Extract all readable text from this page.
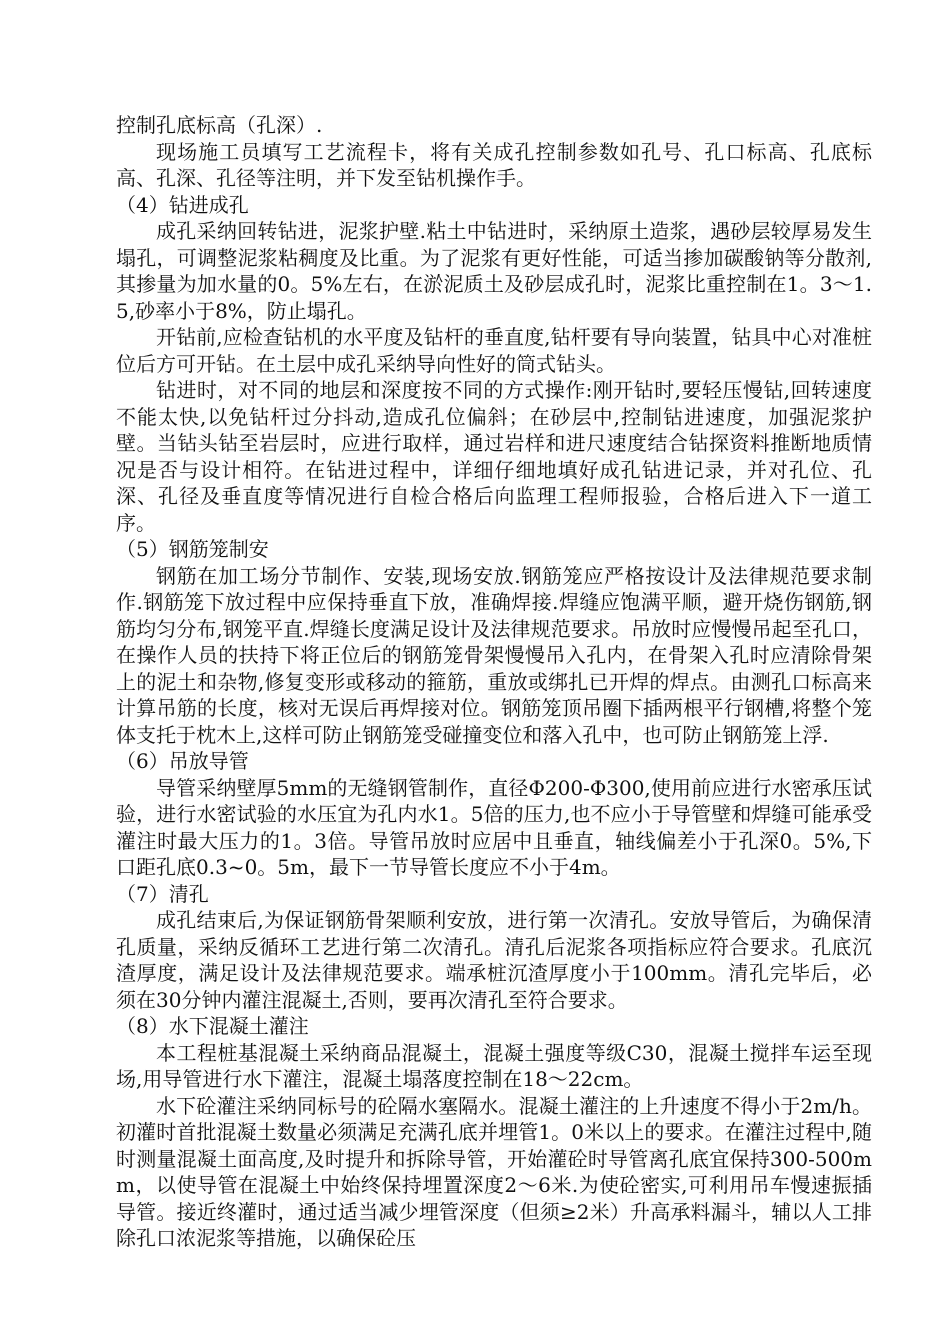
控制孔底标高（孔深）.

现场施工员填写工艺流程卡，将有关成孔控制参数如孔号、孔口标高、孔底标高、孔深、孔径等注明，并下发至钻机操作手。

（4）钻进成孔

成孔采纳回转钻进，泥浆护壁.粘土中钻进时，采纳原土造浆，遇砂层较厚易发生塌孔，可调整泥浆粘稠度及比重。为了泥浆有更好性能，可适当掺加碳酸钠等分散剂,其掺量为加水量的0。5%左右，在淤泥质土及砂层成孔时，泥浆比重控制在1。3～1.5,砂率小于8%，防止塌孔。

开钻前,应检查钻机的水平度及钻杆的垂直度,钻杆要有导向装置，钻具中心对准桩位后方可开钻。在土层中成孔采纳导向性好的筒式钻头。

钻进时，对不同的地层和深度按不同的方式操作:刚开钻时,要轻压慢钻,回转速度不能太快,以免钻杆过分抖动,造成孔位偏斜；在砂层中,控制钻进速度，加强泥浆护壁。当钻头钻至岩层时，应进行取样，通过岩样和进尺速度结合钻探资料推断地质情况是否与设计相符。在钻进过程中，详细仔细地填好成孔钻进记录，并对孔位、孔深、孔径及垂直度等情况进行自检合格后向监理工程师报验，合格后进入下一道工序。

（5）钢筋笼制安

钢筋在加工场分节制作、安装,现场安放.钢筋笼应严格按设计及法律规范要求制作.钢筋笼下放过程中应保持垂直下放，准确焊接.焊缝应饱满平顺，避开烧伤钢筋,钢筋均匀分布,钢笼平直.焊缝长度满足设计及法律规范要求。吊放时应慢慢吊起至孔口，在操作人员的扶持下将正位后的钢筋笼骨架慢慢吊入孔内，在骨架入孔时应清除骨架上的泥土和杂物,修复变形或移动的箍筋，重放或绑扎已开焊的焊点。由测孔口标高来计算吊筋的长度，核对无误后再焊接对位。钢筋笼顶吊圈下插两根平行钢槽,将整个笼体支托于枕木上,这样可防止钢筋笼受碰撞变位和落入孔中，也可防止钢筋笼上浮.

（6）吊放导管

导管采纳壁厚5mm的无缝钢管制作，直径Φ200-Φ300,使用前应进行水密承压试验，进行水密试验的水压宜为孔内水1。5倍的压力,也不应小于导管壁和焊缝可能承受灌注时最大压力的1。3倍。导管吊放时应居中且垂直，轴线偏差小于孔深0。5%,下口距孔底0.3~0。5m，最下一节导管长度应不小于4m。

（7）清孔

成孔结束后,为保证钢筋骨架顺利安放，进行第一次清孔。安放导管后，为确保清孔质量，采纳反循环工艺进行第二次清孔。清孔后泥浆各项指标应符合要求。孔底沉渣厚度，满足设计及法律规范要求。端承桩沉渣厚度小于100mm。清孔完毕后，必须在30分钟内灌注混凝土,否则，要再次清孔至符合要求。

（8）水下混凝土灌注

本工程桩基混凝土采纳商品混凝土，混凝土强度等级C30，混凝土搅拌车运至现场,用导管进行水下灌注，混凝土塌落度控制在18～22cm。

水下砼灌注采纳同标号的砼隔水塞隔水。混凝土灌注的上升速度不得小于2m/h。初灌时首批混凝土数量必须满足充满孔底并埋管1。0米以上的要求。在灌注过程中,随时测量混凝土面高度,及时提升和拆除导管，开始灌砼时导管离孔底宜保持300-500mm，以使导管在混凝土中始终保持埋置深度2～6米.为使砼密实,可利用吊车慢速振插导管。接近终灌时，通过适当减少埋管深度（但须≥2米）升高承料漏斗，辅以人工排除孔口浓泥浆等措施，以确保砼压
